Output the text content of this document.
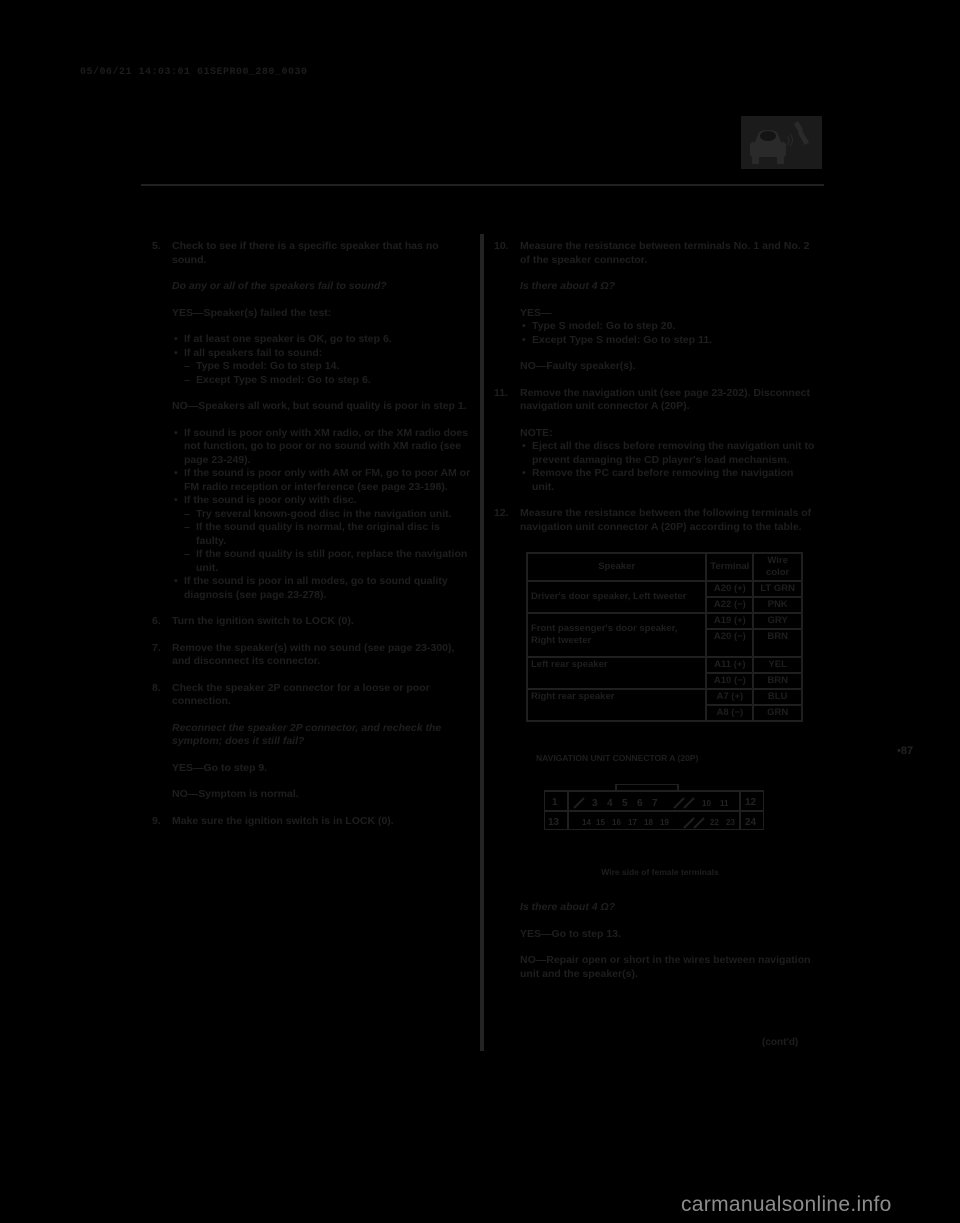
05/06/21 14:03:01 61SEPR00_280_0030
5. Check to see if there is a specific speaker that has no sound.
Do any or all of the speakers fail to sound?
YES—Speaker(s) failed the test:
• If at least one speaker is OK, go to step 6.
• If all speakers fail to sound:
– Type S model: Go to step 14.
– Except Type S model: Go to step 6.
NO—Speakers all work, but sound quality is poor in step 1.
• If sound is poor only with XM radio, or the XM radio does not function, go to poor or no sound with XM radio (see page 23-249).
• If the sound is poor only with AM or FM, go to poor AM or FM radio reception or interference (see page 23-198).
• If the sound is poor only with disc.
– Try several known-good disc in the navigation unit.
– If the sound quality is normal, the original disc is faulty.
– If the sound quality is still poor, replace the navigation unit.
• If the sound is poor in all modes, go to sound quality diagnosis (see page 23-278).
6. Turn the ignition switch to LOCK (0).
7. Remove the speaker(s) with no sound (see page 23-300), and disconnect its connector.
8. Check the speaker 2P connector for a loose or poor connection.
Reconnect the speaker 2P connector, and recheck the symptom; does it still fail?
YES—Go to step 9.
NO—Symptom is normal.
9. Make sure the ignition switch is in LOCK (0).
10. Measure the resistance between terminals No. 1 and No. 2 of the speaker connector.
Is there about 4 Ω?
YES—
• Type S model: Go to step 20.
• Except Type S model: Go to step 11.
NO—Faulty speaker(s).
11. Remove the navigation unit (see page 23-202). Disconnect navigation unit connector A (20P).
NOTE:
• Eject all the discs before removing the navigation unit to prevent damaging the CD player's load mechanism.
• Remove the PC card before removing the navigation unit.
12. Measure the resistance between the following terminals of navigation unit connector A (20P) according to the table.
Speaker	Terminal	Wire color
Driver's door speaker, Left tweeter	A20 (+)	LT GRN
	A22 (−)	PNK
Front passenger's door speaker, Right tweeter	A19 (+)	GRY
	A20 (−)	BRN
Left rear speaker	A11 (+)	YEL
	A10 (−)	BRN
Right rear speaker	A7 (+)	BLU
	A8 (−)	GRN
NAVIGATION UNIT CONNECTOR A (20P)
1	3 4 5 6 7	10 11 12
13	14 15 16 17 18 19	22 23 24
Wire side of female terminals
Is there about 4 Ω?
YES—Go to step 13.
NO—Repair open or short in the wires between navigation unit and the speaker(s).
•87
(cont'd)
carmanualsonline.info
